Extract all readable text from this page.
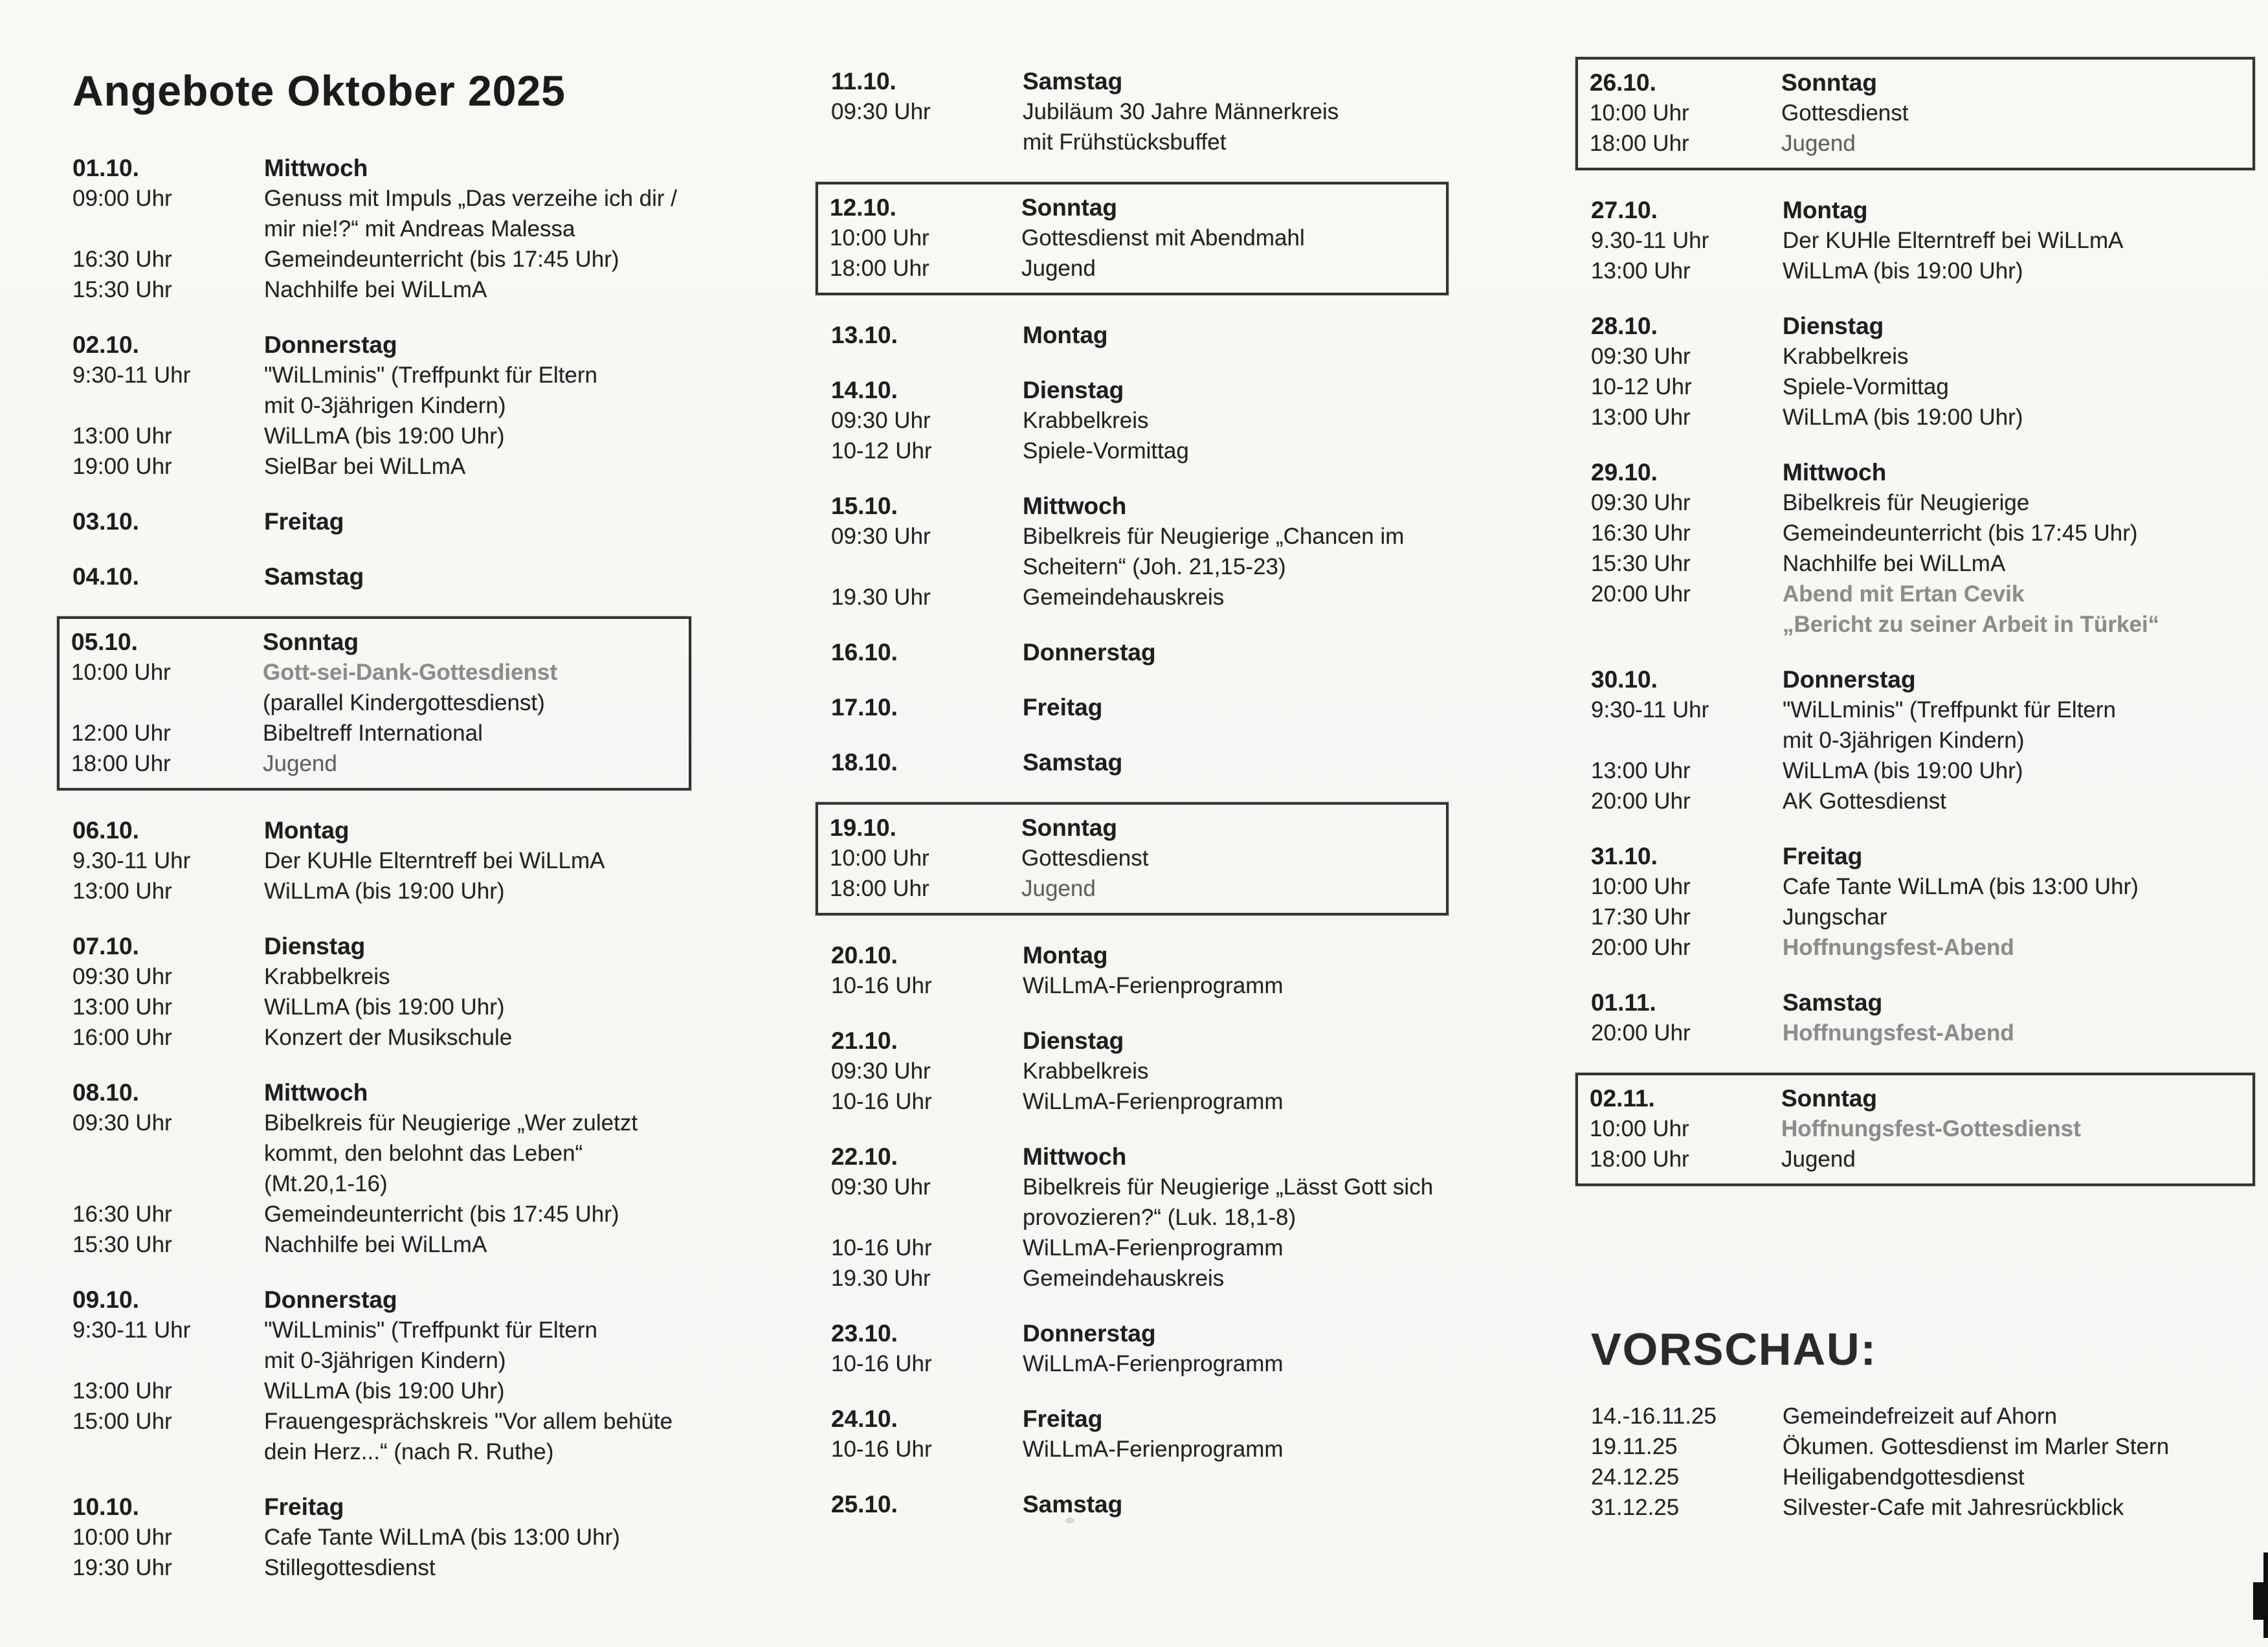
Angebote Oktober 2025
01.10.	Mittwoch
09:00 Uhr	Genuss mit Impuls „Das verzeihe ich dir /
mir nie!?“ mit Andreas Malessa
16:30 Uhr	Gemeindeunterricht (bis 17:45 Uhr)
15:30 Uhr	Nachhilfe bei WiLLmA
02.10.	Donnerstag
9:30-11 Uhr	"WiLLminis" (Treffpunkt für Eltern
mit 0-3jährigen Kindern)
13:00 Uhr	WiLLmA (bis 19:00 Uhr)
19:00 Uhr	SielBar bei WiLLmA
03.10.	Freitag
04.10.	Samstag
05.10.	Sonntag
10:00 Uhr	Gott-sei-Dank-Gottesdienst
(parallel Kindergottesdienst)
12:00 Uhr	Bibeltreff International
18:00 Uhr	Jugend
06.10.	Montag
9.30-11 Uhr	Der KUHle Elterntreff bei WiLLmA
13:00 Uhr	WiLLmA (bis 19:00 Uhr)
07.10.	Dienstag
09:30 Uhr	Krabbelkreis
13:00 Uhr	WiLLmA (bis 19:00 Uhr)
16:00 Uhr	Konzert der Musikschule
08.10.	Mittwoch
09:30 Uhr	Bibelkreis für Neugierige „Wer zuletzt
kommt, den belohnt das Leben“
(Mt.20,1-16)
16:30 Uhr	Gemeindeunterricht (bis 17:45 Uhr)
15:30 Uhr	Nachhilfe bei WiLLmA
09.10.	Donnerstag
9:30-11 Uhr	"WiLLminis" (Treffpunkt für Eltern
mit 0-3jährigen Kindern)
13:00 Uhr	WiLLmA (bis 19:00 Uhr)
15:00 Uhr	Frauengesprächskreis "Vor allem behüte
dein Herz...“ (nach R. Ruthe)
10.10.	Freitag
10:00 Uhr	Cafe Tante WiLLmA (bis 13:00 Uhr)
19:30 Uhr	Stillegottesdienst
11.10.	Samstag
09:30 Uhr	Jubiläum 30 Jahre Männerkreis
mit Frühstücksbuffet
12.10.	Sonntag
10:00 Uhr	Gottesdienst mit Abendmahl
18:00 Uhr	Jugend
13.10.	Montag
14.10.	Dienstag
09:30 Uhr	Krabbelkreis
10-12 Uhr	Spiele-Vormittag
15.10.	Mittwoch
09:30 Uhr	Bibelkreis für Neugierige „Chancen im
Scheitern“ (Joh. 21,15-23)
19.30 Uhr	Gemeindehauskreis
16.10.	Donnerstag
17.10.	Freitag
18.10.	Samstag
19.10.	Sonntag
10:00 Uhr	Gottesdienst
18:00 Uhr	Jugend
20.10.	Montag
10-16 Uhr	WiLLmA-Ferienprogramm
21.10.	Dienstag
09:30 Uhr	Krabbelkreis
10-16 Uhr	WiLLmA-Ferienprogramm
22.10.	Mittwoch
09:30 Uhr	Bibelkreis für Neugierige „Lässt Gott sich
provozieren?“ (Luk. 18,1-8)
10-16 Uhr	WiLLmA-Ferienprogramm
19.30 Uhr	Gemeindehauskreis
23.10.	Donnerstag
10-16 Uhr	WiLLmA-Ferienprogramm
24.10.	Freitag
10-16 Uhr	WiLLmA-Ferienprogramm
25.10.	Samstag
26.10.	Sonntag
10:00 Uhr	Gottesdienst
18:00 Uhr	Jugend
27.10.	Montag
9.30-11 Uhr	Der KUHle Elterntreff bei WiLLmA
13:00 Uhr	WiLLmA (bis 19:00 Uhr)
28.10.	Dienstag
09:30 Uhr	Krabbelkreis
10-12 Uhr	Spiele-Vormittag
13:00 Uhr	WiLLmA (bis 19:00 Uhr)
29.10.	Mittwoch
09:30 Uhr	Bibelkreis für Neugierige
16:30 Uhr	Gemeindeunterricht (bis 17:45 Uhr)
15:30 Uhr	Nachhilfe bei WiLLmA
20:00 Uhr	Abend mit Ertan Cevik
„Bericht zu seiner Arbeit in Türkei“
30.10.	Donnerstag
9:30-11 Uhr	"WiLLminis" (Treffpunkt für Eltern
mit 0-3jährigen Kindern)
13:00 Uhr	WiLLmA (bis 19:00 Uhr)
20:00 Uhr	AK Gottesdienst
31.10.	Freitag
10:00 Uhr	Cafe Tante WiLLmA (bis 13:00 Uhr)
17:30 Uhr	Jungschar
20:00 Uhr	Hoffnungsfest-Abend
01.11.	Samstag
20:00 Uhr	Hoffnungsfest-Abend
02.11.	Sonntag
10:00 Uhr	Hoffnungsfest-Gottesdienst
18:00 Uhr	Jugend
VORSCHAU:
14.-16.11.25	Gemeindefreizeit auf Ahorn
19.11.25	Ökumen. Gottesdienst im Marler Stern
24.12.25	Heiligabendgottesdienst
31.12.25	Silvester-Cafe mit Jahresrückblick
